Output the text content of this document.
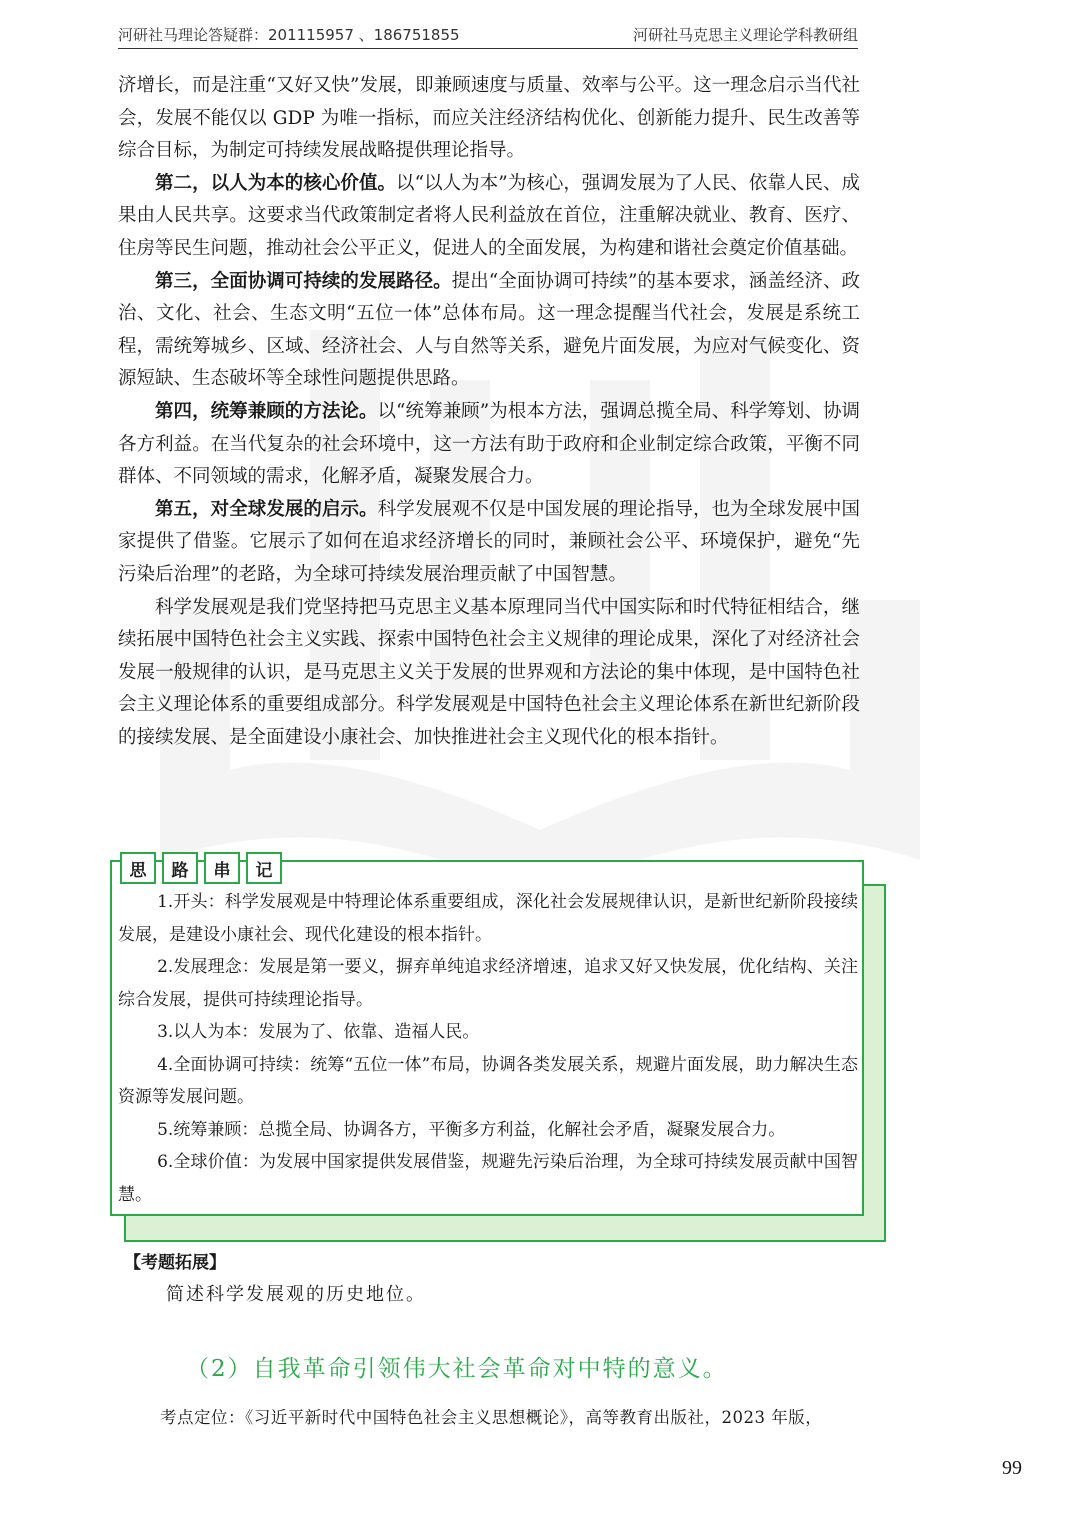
河研社马理论答疑群：201115957 、186751855	河研社马克思主义理论学科教研组

济增长，而是注重“又好又快”发展，即兼顾速度与质量、效率与公平。这一理念启示当代社会，发展不能仅以 GDP 为唯一指标，而应关注经济结构优化、创新能力提升、民生改善等综合目标，为制定可持续发展战略提供理论指导。

第二，以人为本的核心价值。以“以人为本”为核心，强调发展为了人民、依靠人民、成果由人民共享。这要求当代政策制定者将人民利益放在首位，注重解决就业、教育、医疗、住房等民生问题，推动社会公平正义，促进人的全面发展，为构建和谐社会奠定价值基础。

第三，全面协调可持续的发展路径。提出“全面协调可持续”的基本要求，涵盖经济、政治、文化、社会、生态文明“五位一体”总体布局。这一理念提醒当代社会，发展是系统工程，需统筹城乡、区域、经济社会、人与自然等关系，避免片面发展，为应对气候变化、资源短缺、生态破坏等全球性问题提供思路。

第四，统筹兼顾的方法论。以“统筹兼顾”为根本方法，强调总揽全局、科学筹划、协调各方利益。在当代复杂的社会环境中，这一方法有助于政府和企业制定综合政策，平衡不同群体、不同领域的需求，化解矛盾，凝聚发展合力。

第五，对全球发展的启示。科学发展观不仅是中国发展的理论指导，也为全球发展中国家提供了借鉴。它展示了如何在追求经济增长的同时，兼顾社会公平、环境保护，避免“先污染后治理”的老路，为全球可持续发展治理贡献了中国智慧。

科学发展观是我们党坚持把马克思主义基本原理同当代中国实际和时代特征相结合，继续拓展中国特色社会主义实践、探索中国特色社会主义规律的理论成果，深化了对经济社会发展一般规律的认识，是马克思主义关于发展的世界观和方法论的集中体现，是中国特色社会主义理论体系的重要组成部分。科学发展观是中国特色社会主义理论体系在新世纪新阶段的接续发展、是全面建设小康社会、加快推进社会主义现代化的根本指针。

思	路	串	记

1.开头：科学发展观是中特理论体系重要组成，深化社会发展规律认识，是新世纪新阶段接续发展，是建设小康社会、现代化建设的根本指针。

2.发展理念：发展是第一要义，摒弃单纯追求经济增速，追求又好又快发展，优化结构、关注综合发展，提供可持续理论指导。

3.以人为本：发展为了、依靠、造福人民。

4.全面协调可持续：统筹“五位一体”布局，协调各类发展关系，规避片面发展，助力解决生态资源等发展问题。

5.统筹兼顾：总揽全局、协调各方，平衡多方利益，化解社会矛盾，凝聚发展合力。

6.全球价值：为发展中国家提供发展借鉴，规避先污染后治理，为全球可持续发展贡献中国智慧。

【考题拓展】
简述科学发展观的历史地位。
（2）自我革命引领伟大社会革命对中特的意义。
考点定位：《习近平新时代中国特色社会主义思想概论》，高等教育出版社，2023 年版，
99
